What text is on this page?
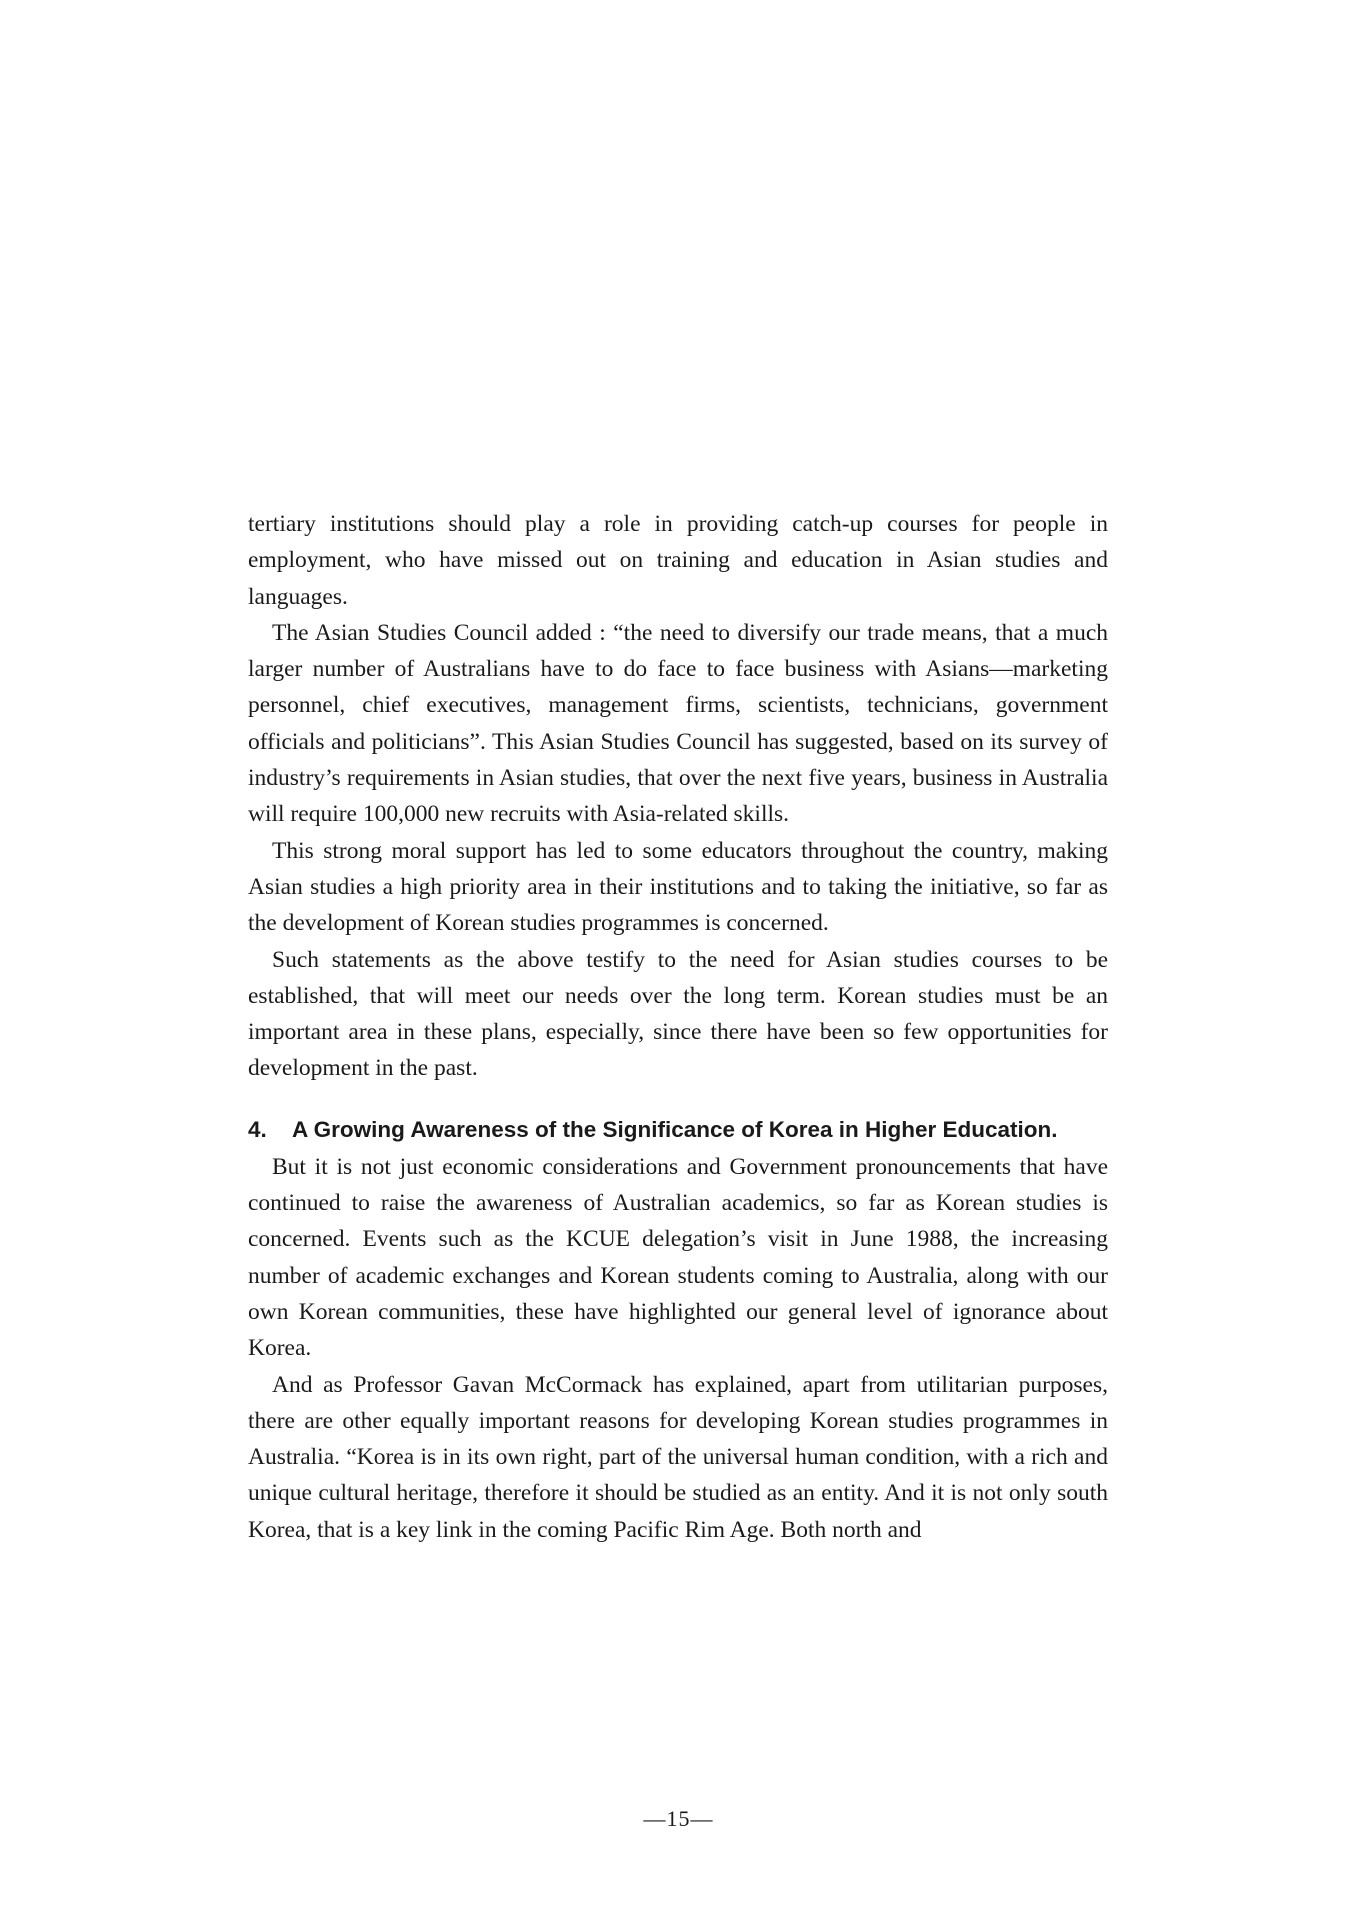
tertiary institutions should play a role in providing catch-up courses for people in employment, who have missed out on training and education in Asian studies and languages.

The Asian Studies Council added : “the need to diversify our trade means, that a much larger number of Australians have to do face to face business with Asians—marketing personnel, chief executives, management firms, scientists, technicians, government officials and politicians”. This Asian Studies Council has suggested, based on its survey of industry’s requirements in Asian studies, that over the next five years, business in Australia will require 100,000 new recruits with Asia-related skills.

This strong moral support has led to some educators throughout the country, making Asian studies a high priority area in their institutions and to taking the initiative, so far as the development of Korean studies programmes is concerned.

Such statements as the above testify to the need for Asian studies courses to be established, that will meet our needs over the long term. Korean studies must be an important area in these plans, especially, since there have been so few opportunities for development in the past.

4.	A Growing Awareness of the Significance of Korea in Higher Education.

But it is not just economic considerations and Government pronouncements that have continued to raise the awareness of Australian academics, so far as Korean studies is concerned. Events such as the KCUE delegation’s visit in June 1988, the increasing number of academic exchanges and Korean students coming to Australia, along with our own Korean communities, these have highlighted our general level of ignorance about Korea.

And as Professor Gavan McCormack has explained, apart from utilitarian purposes, there are other equally important reasons for developing Korean studies programmes in Australia. “Korea is in its own right, part of the universal human condition, with a rich and unique cultural heritage, therefore it should be studied as an entity. And it is not only south Korea, that is a key link in the coming Pacific Rim Age. Both north and

—15—
